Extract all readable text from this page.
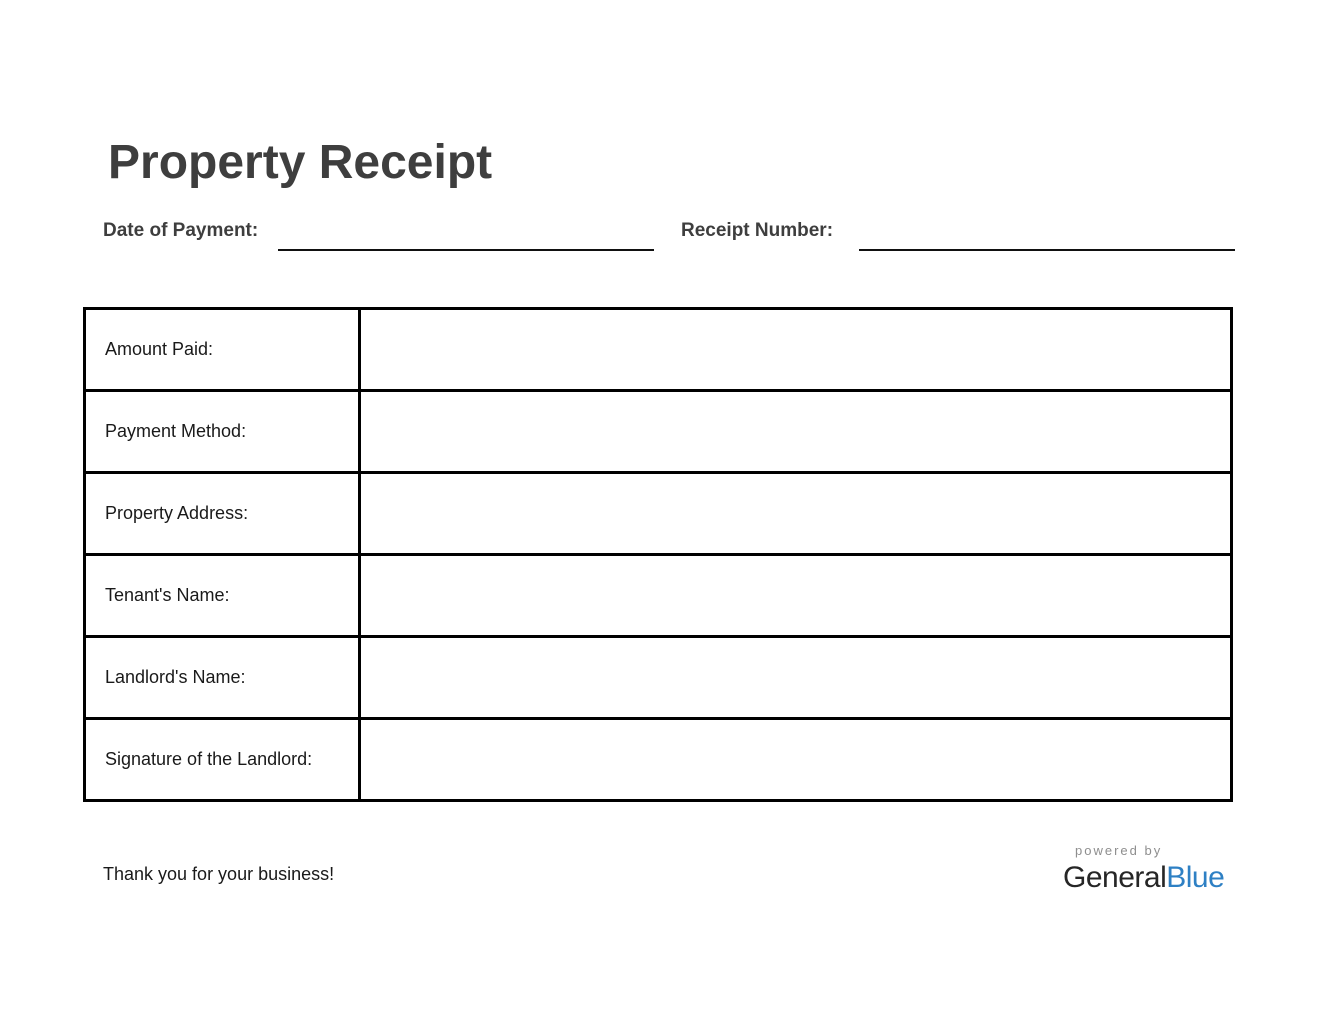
Property Receipt
Date of Payment:	Receipt Number:
Amount Paid:	
Payment Method:	
Property Address:	
Tenant's Name:	
Landlord's Name:	
Signature of the Landlord:	
Thank you for your business!
powered by
GeneralBlue
